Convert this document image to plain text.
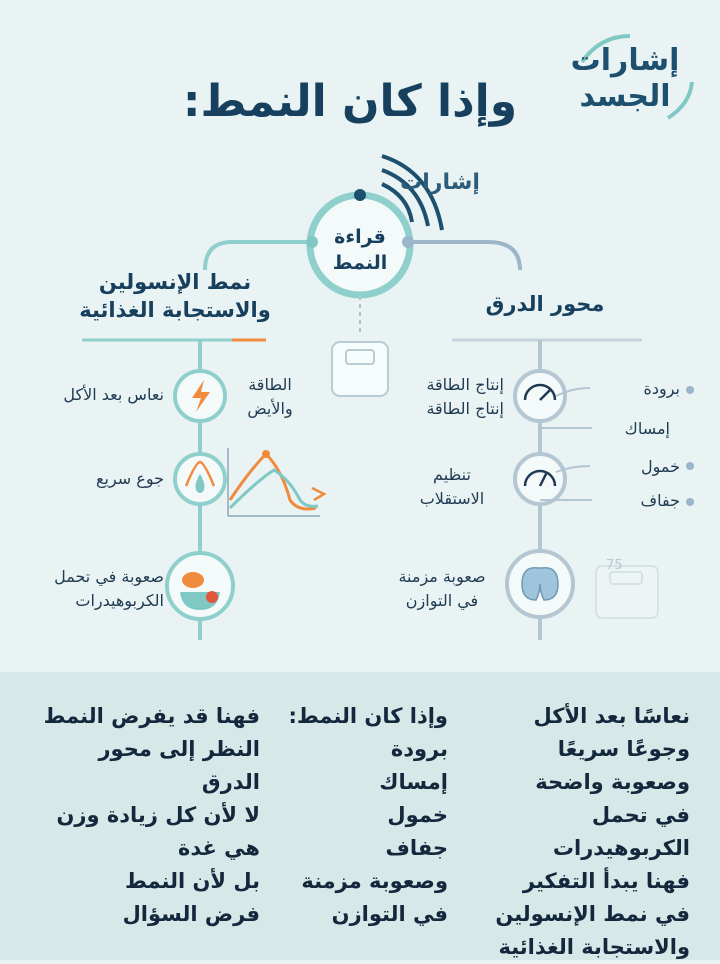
إشارات
الجسد
وإذا كان النمط:
إشارات
قراءة
النمط
75
نمط الإنسولين
والاستجابة الغذائية	محور الدرق
نعاس بعد الأكل
الطاقة
والأيض
جوع سريع
صعوبة في تحمل
الكربوهيدرات
إنتاج الطاقة
إنتاج الطاقة
تنظيم
الاستقلاب
صعوبة مزمنة
في التوازن
برودة
إمساك
خمول
جفاف
نعاسًا بعد الأكل
وجوعًا سريعًا
وصعوبة واضحة
في تحمل الكربوهيدرات
فهنا يبدأ التفكير
في نمط الإنسولين
والاستجابة الغذائية
وإذا كان النمط:
برودة
إمساك
خمول
جفاف
وصعوبة مزمنة
في التوازن
فهنا قد يفرض النمط
النظر إلى محور الدرق
لا لأن كل زيادة وزن
هي غدة
بل لأن النمط
فرض السؤال
